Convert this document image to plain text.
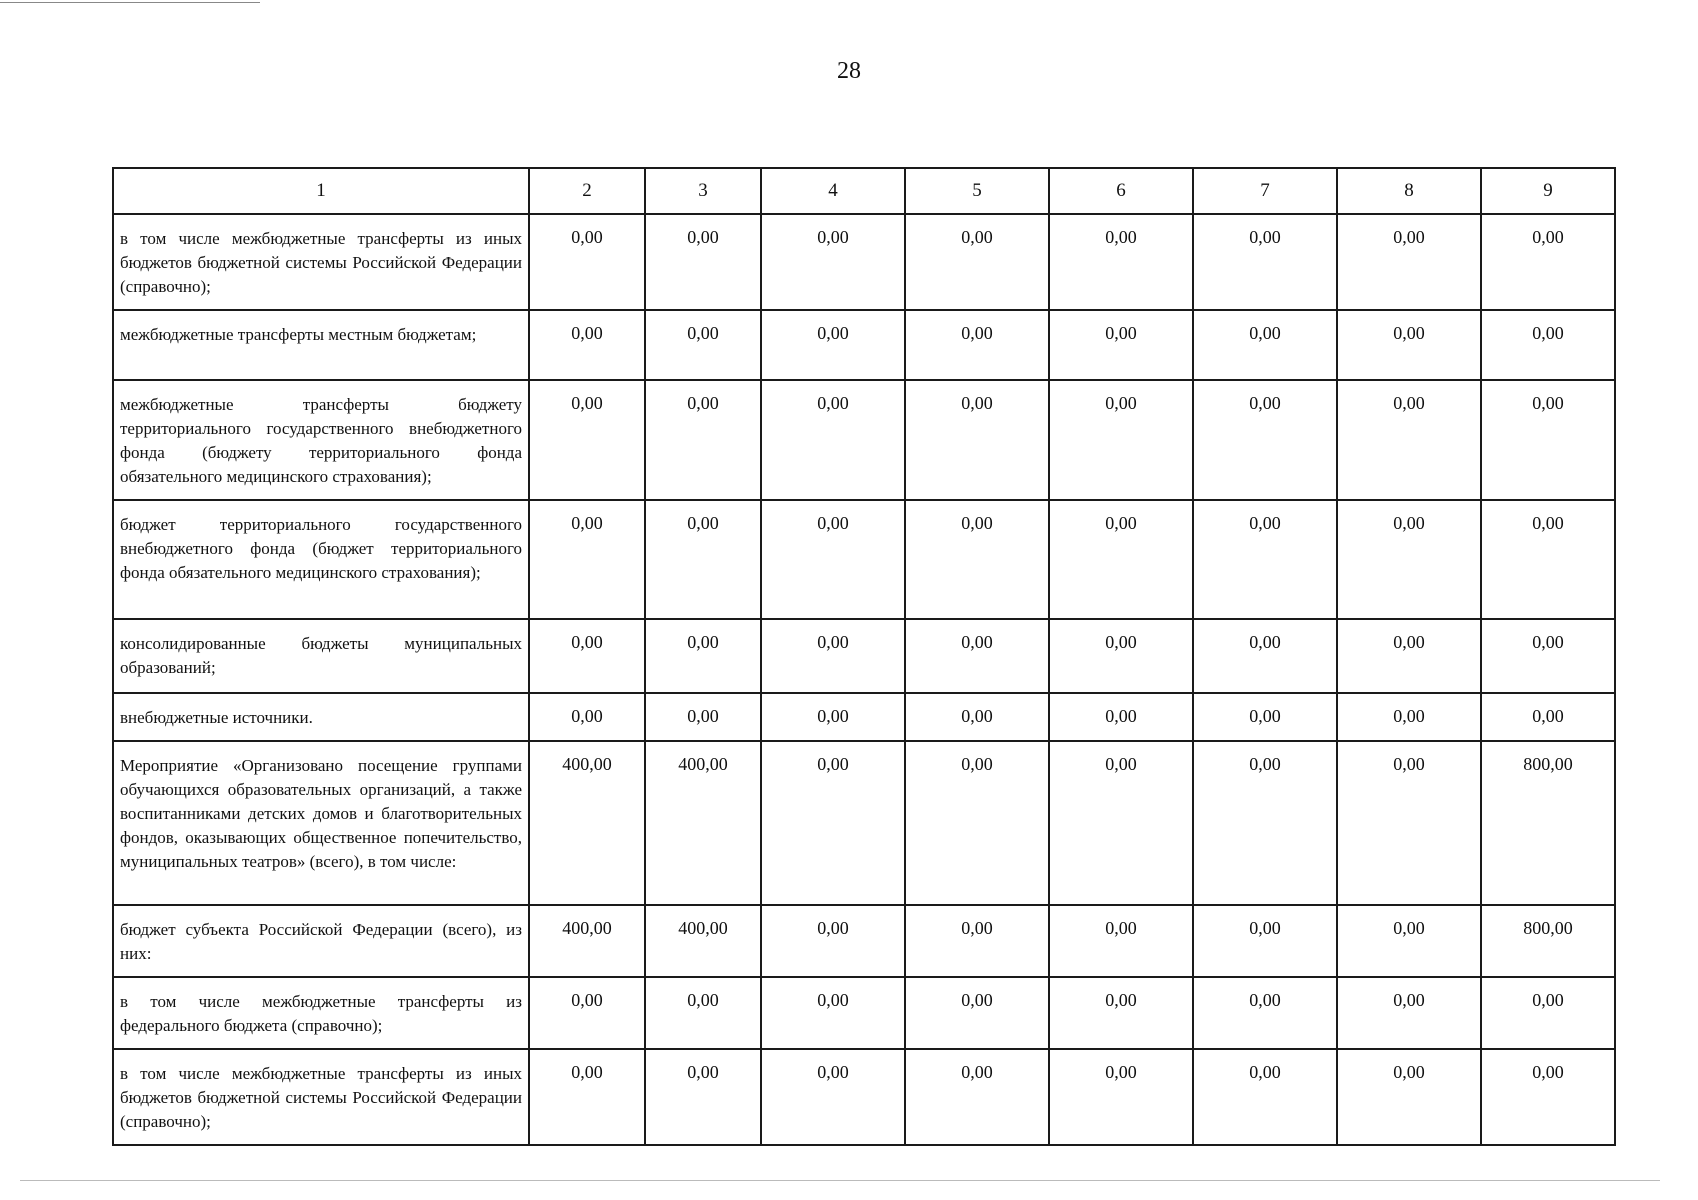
28
1	2	3	4	5	6	7	8	9
в том числе межбюджетные трансферты из иных бюджетов бюджетной системы Российской Федерации (справочно);	0,00	0,00	0,00	0,00	0,00	0,00	0,00	0,00
межбюджетные трансферты местным бюджетам;	0,00	0,00	0,00	0,00	0,00	0,00	0,00	0,00
межбюджетные трансферты бюджету территориального государственного внебюджетного фонда (бюджету территориального фонда обязательного медицинского страхования);	0,00	0,00	0,00	0,00	0,00	0,00	0,00	0,00
бюджет территориального государственного внебюджетного фонда (бюджет территориального фонда обязательного медицинского страхования);	0,00	0,00	0,00	0,00	0,00	0,00	0,00	0,00
консолидированные бюджеты муниципальных образований;	0,00	0,00	0,00	0,00	0,00	0,00	0,00	0,00
внебюджетные источники.	0,00	0,00	0,00	0,00	0,00	0,00	0,00	0,00
Мероприятие «Организовано посещение группами обучающихся образовательных организаций, а также воспитанниками детских домов и благотворительных фондов, оказывающих общественное попечительство, муниципальных театров» (всего), в том числе:	400,00	400,00	0,00	0,00	0,00	0,00	0,00	800,00
бюджет субъекта Российской Федерации (всего), из них:	400,00	400,00	0,00	0,00	0,00	0,00	0,00	800,00
в том числе межбюджетные трансферты из федерального бюджета (справочно);	0,00	0,00	0,00	0,00	0,00	0,00	0,00	0,00
в том числе межбюджетные трансферты из иных бюджетов бюджетной системы Российской Федерации (справочно);	0,00	0,00	0,00	0,00	0,00	0,00	0,00	0,00
